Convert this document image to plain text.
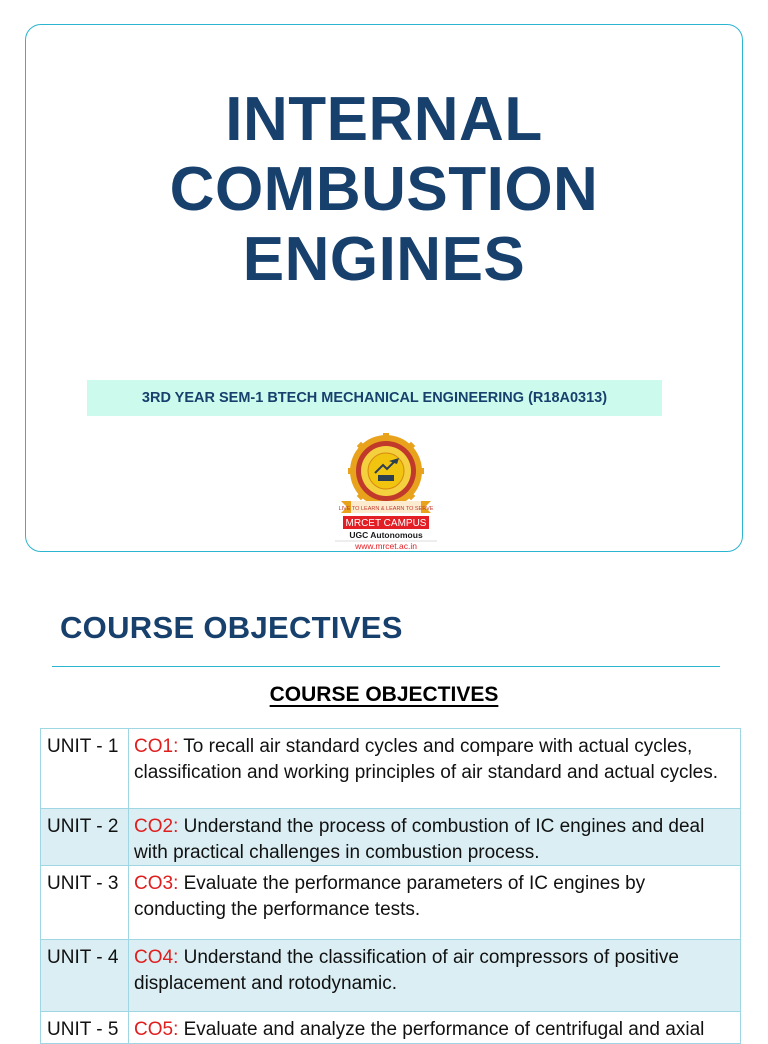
INTERNAL
COMBUSTION
ENGINES
3RD YEAR SEM-1 BTECH MECHANICAL ENGINEERING (R18A0313)
LIVE TO LEARN & LEARN TO SERVE
MRCET CAMPUS
UGC Autonomous
www.mrcet.ac.in
COURSE OBJECTIVES
COURSE OBJECTIVES
UNIT - 1	CO1: To recall air standard cycles and compare with actual cycles, classification and working principles of air standard and actual cycles.
UNIT - 2	CO2: Understand the process of combustion of IC engines and deal with practical challenges in combustion process.
UNIT - 3	CO3: Evaluate the performance parameters of IC engines by conducting the performance tests.
UNIT - 4	CO4: Understand the classification of air compressors of positive displacement and rotodynamic.
UNIT - 5	CO5: Evaluate and analyze the performance of centrifugal and axial
